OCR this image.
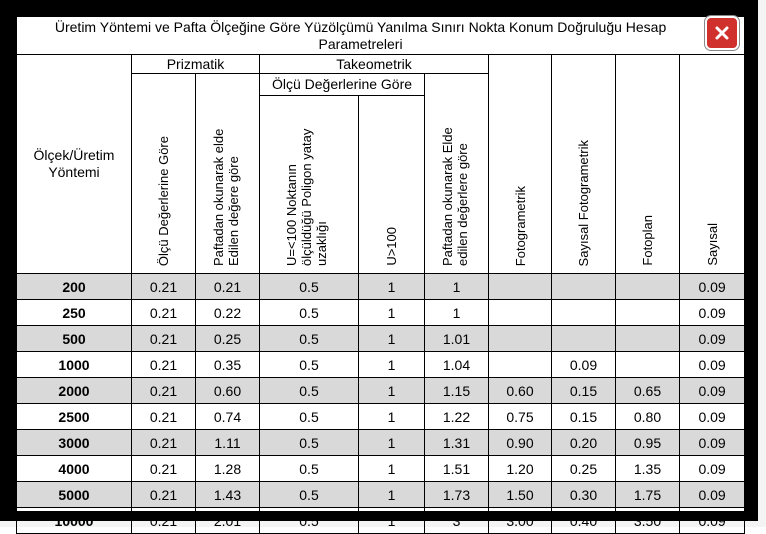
Üretim Yöntemi ve Pafta Ölçeğine Göre Yüzölçümü Yanılma Sınırı Nokta Konum Doğruluğu Hesap Parametreleri									
Ölçek/Üretim Yöntemi	Prizmatik		Takeometrik			Fotogrametrik	Sayısal Fotogrametrik	Fotoplan	Sayısal
	Ölçü Değerlerine Göre	Paftadan okunarak elde Edilen değere göre	Ölçü Değerlerine Göre		Paftadan okunarak Elde edilen değerlere göre				
			U=<100 Noktanın ölçüldüğü Poligon yatay uzaklığı	U>100					
200	0.21	0.21	0.5	1	1				0.09
250	0.21	0.22	0.5	1	1				0.09
500	0.21	0.25	0.5	1	1.01				0.09
1000	0.21	0.35	0.5	1	1.04		0.09		0.09
2000	0.21	0.60	0.5	1	1.15	0.60	0.15	0.65	0.09
2500	0.21	0.74	0.5	1	1.22	0.75	0.15	0.80	0.09
3000	0.21	1.11	0.5	1	1.31	0.90	0.20	0.95	0.09
4000	0.21	1.28	0.5	1	1.51	1.20	0.25	1.35	0.09
5000	0.21	1.43	0.5	1	1.73	1.50	0.30	1.75	0.09
10000	0.21	2.01	0.5	1	3	3.00	0.40	3.50	0.09
